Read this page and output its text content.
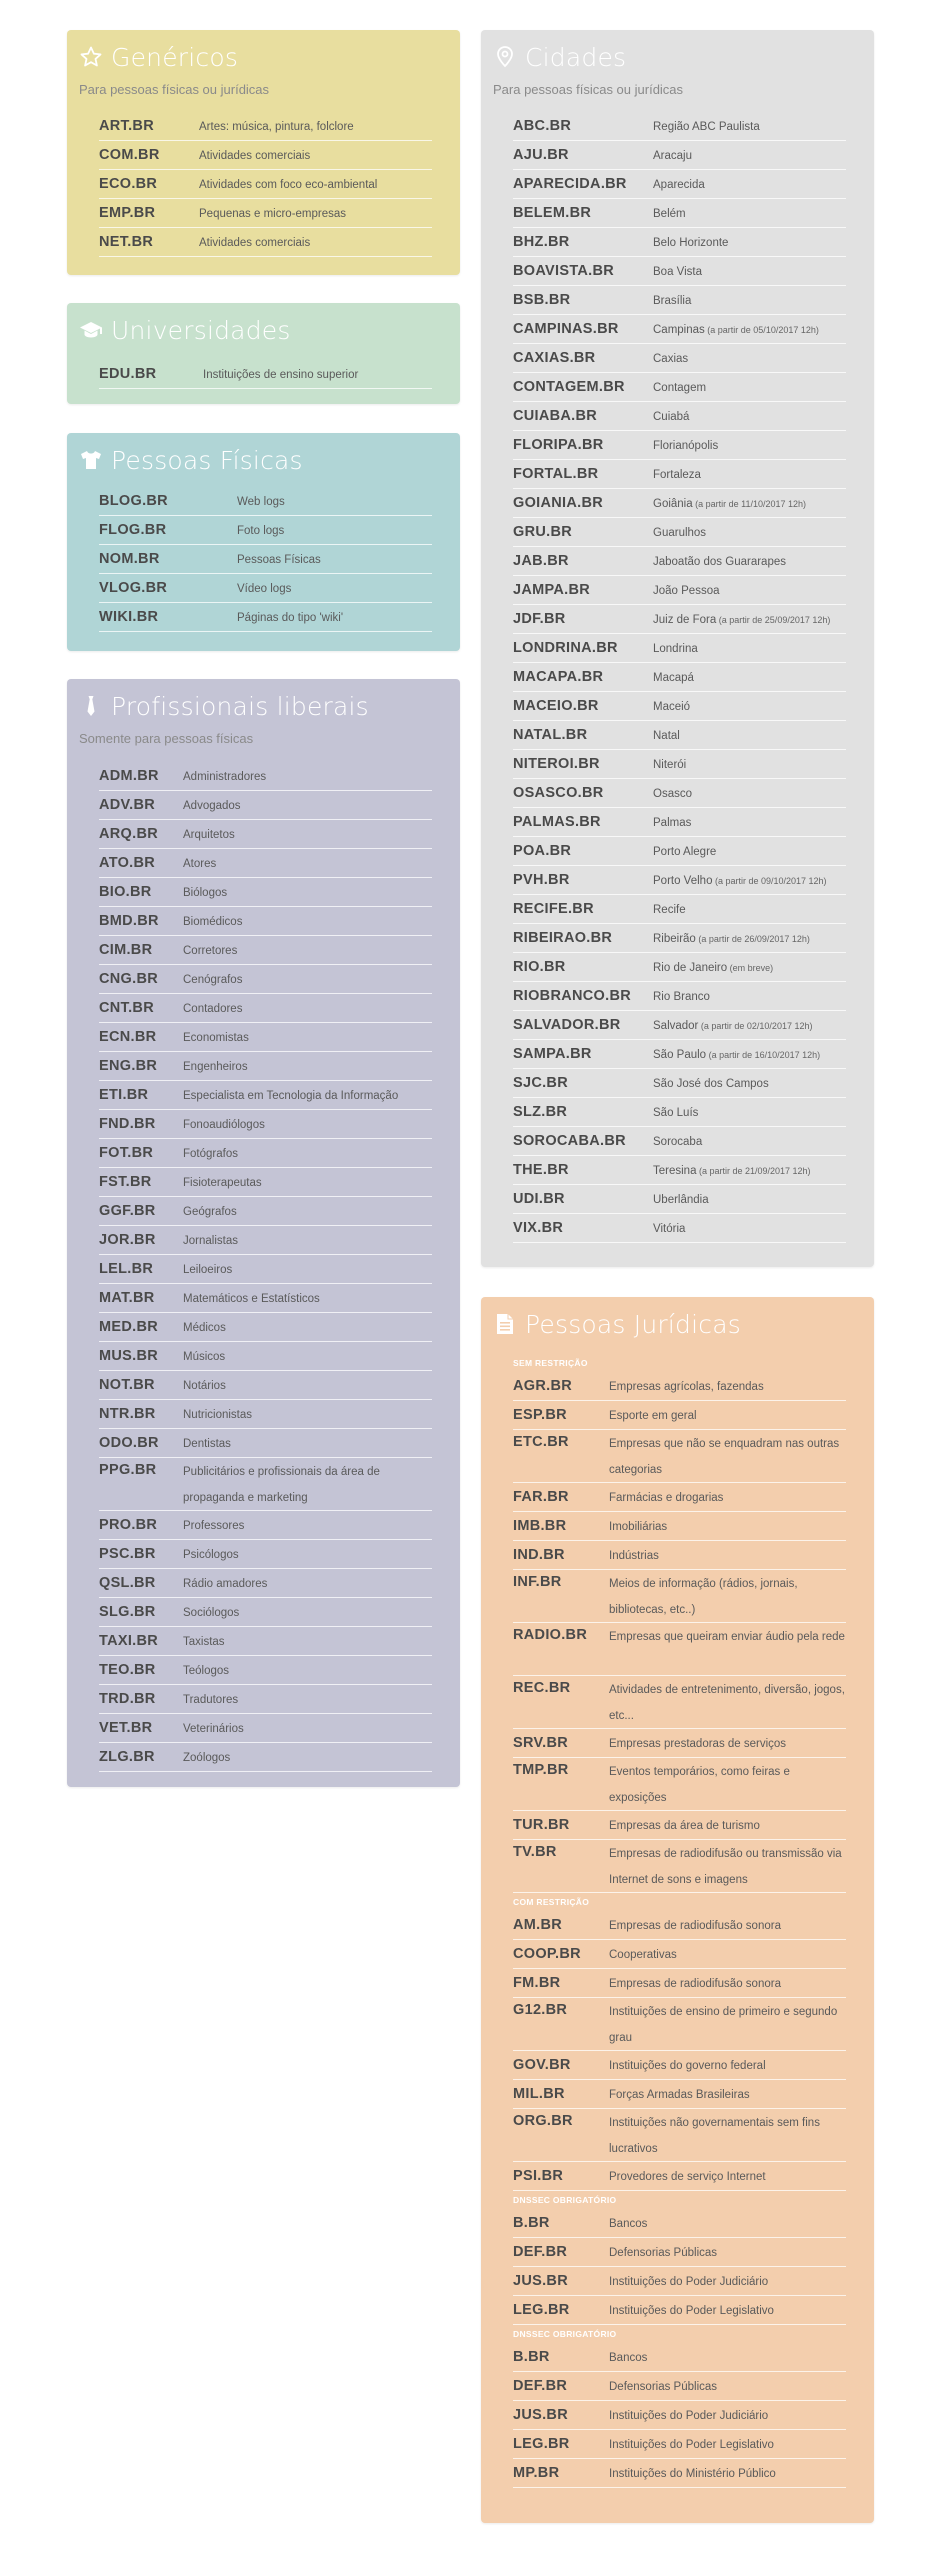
Genéricos
Para pessoas físicas ou jurídicas
ART.BR	Artes: música, pintura, folclore
COM.BR	Atividades comerciais
ECO.BR	Atividades com foco eco-ambiental
EMP.BR	Pequenas e micro-empresas
NET.BR	Atividades comerciais
Universidades
EDU.BR	Instituições de ensino superior
Pessoas Físicas
BLOG.BR	Web logs
FLOG.BR	Foto logs
NOM.BR	Pessoas Físicas
VLOG.BR	Vídeo logs
WIKI.BR	Páginas do tipo 'wiki'
Profissionais liberais
Somente para pessoas físicas
ADM.BR Administradores
ADV.BR Advogados
ARQ.BR Arquitetos
ATO.BR Atores
BIO.BR	Biólogos
BMD.BR Biomédicos
CIM.BR	Corretores
CNG.BR Cenógrafos
CNT.BR	Contadores
ECN.BR Economistas
ENG.BR Engenheiros
ETI.BR	Especialista em Tecnologia da Informação
FND.BR Fonoaudiólogos
FOT.BR	Fotógrafos
FST.BR	Fisioterapeutas
GGF.BR Geógrafos
JOR.BR Jornalistas
LEL.BR	Leiloeiros
MAT.BR Matemáticos e Estatísticos
MED.BR Médicos
MUS.BR Músicos
NOT.BR Notários
NTR.BR Nutricionistas
ODO.BR Dentistas
PPG.BR Publicitários e profissionais da área de propaganda e marketing
PRO.BR Professores
PSC.BR Psicólogos
QSL.BR Rádio amadores
SLG.BR Sociólogos
TAXI.BR Taxistas
TEO.BR Teólogos
TRD.BR Tradutores
VET.BR	Veterinários
ZLG.BR Zoólogos
Cidades
Para pessoas físicas ou jurídicas
ABC.BR	Região ABC Paulista
AJU.BR	Aracaju
APARECIDA.BR Aparecida
BELEM.BR	Belém
BHZ.BR	Belo Horizonte
BOAVISTA.BR	Boa Vista
BSB.BR	Brasília
CAMPINAS.BR	Campinas (a partir de 05/10/2017 12h)
CAXIAS.BR	Caxias
CONTAGEM.BR Contagem
CUIABA.BR	Cuiabá
FLORIPA.BR	Florianópolis
FORTAL.BR	Fortaleza
GOIANIA.BR	Goiânia (a partir de 11/10/2017 12h)
GRU.BR	Guarulhos
JAB.BR	Jaboatão dos Guararapes
JAMPA.BR	João Pessoa
JDF.BR	Juiz de Fora (a partir de 25/09/2017 12h)
LONDRINA.BR	Londrina
MACAPA.BR	Macapá
MACEIO.BR	Maceió
NATAL.BR	Natal
NITEROI.BR	Niterói
OSASCO.BR	Osasco
PALMAS.BR	Palmas
POA.BR	Porto Alegre
PVH.BR	Porto Velho (a partir de 09/10/2017 12h)
RECIFE.BR	Recife
RIBEIRAO.BR	Ribeirão (a partir de 26/09/2017 12h)
RIO.BR	Rio de Janeiro (em breve)
RIOBRANCO.BR Rio Branco
SALVADOR.BR	Salvador (a partir de 02/10/2017 12h)
SAMPA.BR	São Paulo (a partir de 16/10/2017 12h)
SJC.BR	São José dos Campos
SLZ.BR	São Luís
SOROCABA.BR Sorocaba
THE.BR	Teresina (a partir de 21/09/2017 12h)
UDI.BR	Uberlândia
VIX.BR	Vitória
Pessoas Jurídicas
SEM RESTRIÇÃO
AGR.BR	Empresas agrícolas, fazendas
ESP.BR	Esporte em geral
ETC.BR	Empresas que não se enquadram nas outras categorias
FAR.BR	Farmácias e drogarias
IMB.BR	Imobiliárias
IND.BR	Indústrias
INF.BR	Meios de informação (rádios, jornais, bibliotecas, etc..)
RADIO.BR Empresas que queiram enviar áudio pela rede
REC.BR	Atividades de entretenimento, diversão, jogos, etc...
SRV.BR	Empresas prestadoras de serviços
TMP.BR	Eventos temporários, como feiras e exposições
TUR.BR	Empresas da área de turismo
TV.BR	Empresas de radiodifusão ou transmissão via Internet de sons e imagens
COM RESTRIÇÃO
AM.BR	Empresas de radiodifusão sonora
COOP.BR Cooperativas
FM.BR	Empresas de radiodifusão sonora
G12.BR	Instituições de ensino de primeiro e segundo grau
GOV.BR	Instituições do governo federal
MIL.BR	Forças Armadas Brasileiras
ORG.BR	Instituições não governamentais sem fins lucrativos
PSI.BR	Provedores de serviço Internet
DNSSEC OBRIGATÓRIO
B.BR	Bancos
DEF.BR	Defensorias Públicas
JUS.BR	Instituições do Poder Judiciário
LEG.BR	Instituições do Poder Legislativo
DNSSEC OBRIGATÓRIO
B.BR	Bancos
DEF.BR	Defensorias Públicas
JUS.BR	Instituições do Poder Judiciário
LEG.BR	Instituições do Poder Legislativo
MP.BR	Instituições do Ministério Público
